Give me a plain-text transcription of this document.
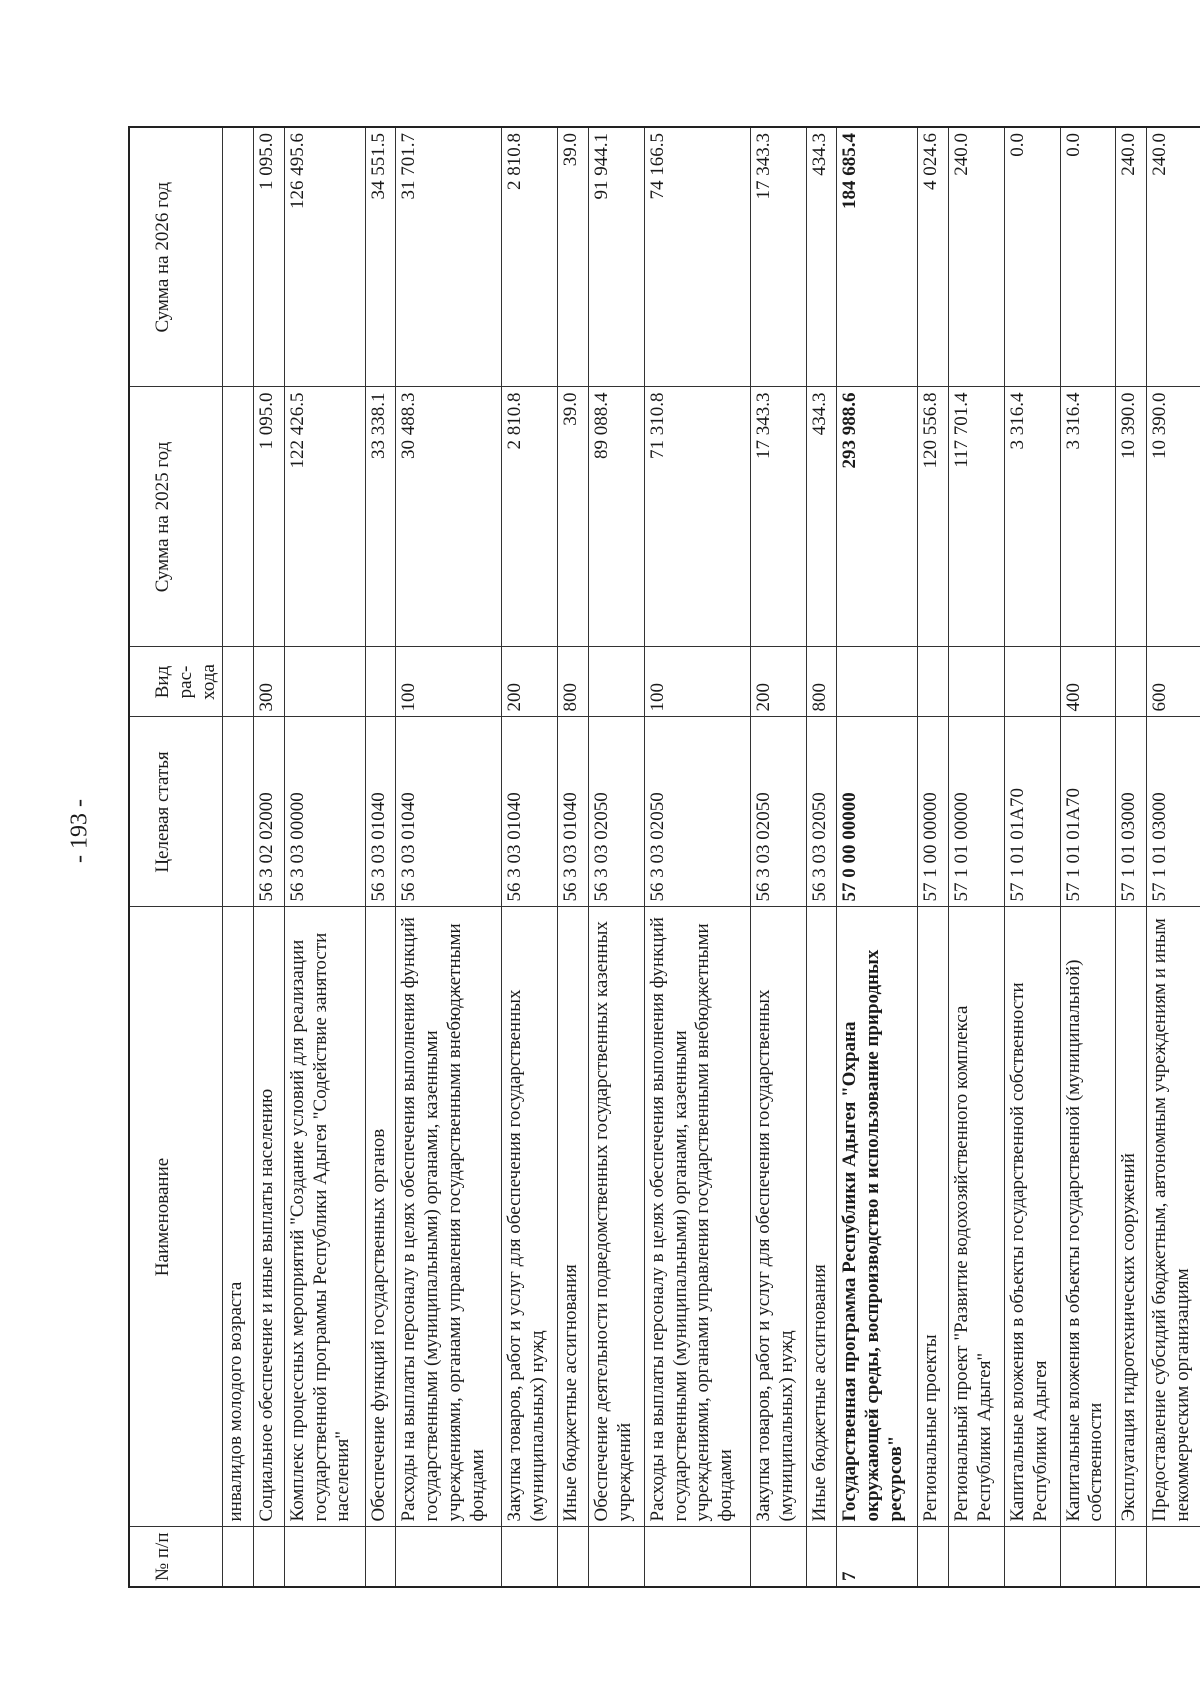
- 193 -
№ п/п	Наименование	Целевая статья	Вид рас-хода	Сумма на 2025 год	Сумма на 2026 год
	инвалидов молодого возраста				
	Социальное обеспечение и иные выплаты населению	56 3 02 02000	300	1 095.0	1 095.0
	Комплекс процессных мероприятий "Создание условий для реализации государственной программы Республики Адыгея "Содействие занятости населения"	56 3 03 00000		122 426.5	126 495.6
	Обеспечение функций государственных органов	56 3 03 01040		33 338.1	34 551.5
	Расходы на выплаты персоналу в целях обеспечения выполнения функций государственными (муниципальными) органами, казенными учреждениями, органами управления государственными внебюджетными фондами	56 3 03 01040	100	30 488.3	31 701.7
	Закупка товаров, работ и услуг для обеспечения государственных (муниципальных) нужд	56 3 03 01040	200	2 810.8	2 810.8
	Иные бюджетные ассигнования	56 3 03 01040	800	39.0	39.0
	Обеспечение деятельности подведомственных государственных казенных учреждений	56 3 03 02050		89 088.4	91 944.1
	Расходы на выплаты персоналу в целях обеспечения выполнения функций государственными (муниципальными) органами, казенными учреждениями, органами управления государственными внебюджетными фондами	56 3 03 02050	100	71 310.8	74 166.5
	Закупка товаров, работ и услуг для обеспечения государственных (муниципальных) нужд	56 3 03 02050	200	17 343.3	17 343.3
	Иные бюджетные ассигнования	56 3 03 02050	800	434.3	434.3
7	Государственная программа Республики Адыгея "Охрана окружающей среды, воспроизводство и использование природных ресурсов"	57 0 00 00000		293 988.6	184 685.4
	Региональные проекты	57 1 00 00000		120 556.8	4 024.6
	Региональный проект "Развитие водохозяйственного комплекса Республики Адыгея"	57 1 01 00000		117 701.4	240.0
	Капитальные вложения в объекты государственной собственности Республики Адыгея	57 1 01 01А70		3 316.4	0.0
	Капитальные вложения в объекты государственной (муниципальной) собственности	57 1 01 01А70	400	3 316.4	0.0
	Эксплуатация гидротехнических сооружений	57 1 01 03000		10 390.0	240.0
	Предоставление субсидий бюджетным, автономным учреждениям и иным некоммерческим организациям	57 1 01 03000	600	10 390.0	240.0
